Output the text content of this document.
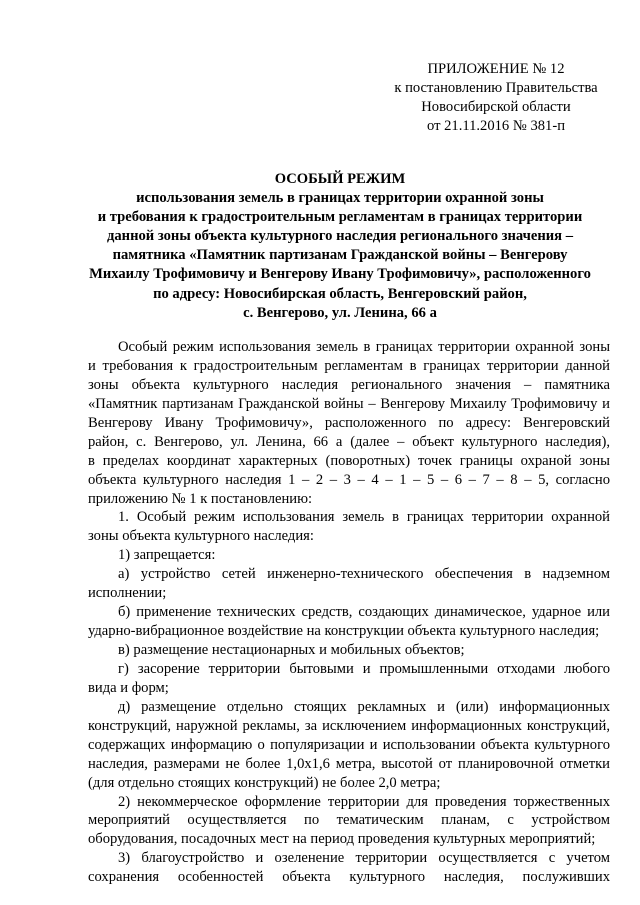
ПРИЛОЖЕНИЕ № 12
к постановлению Правительства
Новосибирской области
от 21.11.2016 № 381-п
ОСОБЫЙ РЕЖИМ
использования земель в границах территории охранной зоны
и требования к градостроительным регламентам в границах территории
данной зоны объекта культурного наследия регионального значения –
памятника «Памятник партизанам Гражданской войны – Венгерову
Михаилу Трофимовичу и Венгерову Ивану Трофимовичу», расположенного
по адресу: Новосибирская область, Венгеровский район,
с. Венгерово, ул. Ленина, 66 а
Особый режим использования земель в границах территории охранной зоны
и требования к градостроительным регламентам в границах территории данной
зоны объекта культурного наследия регионального значения – памятника
«Памятник партизанам Гражданской войны – Венгерову Михаилу Трофимовичу и
Венгерову Ивану Трофимовичу», расположенного по адресу: Венгеровский
район, с. Венгерово, ул. Ленина, 66 а (далее – объект культурного наследия),
в пределах координат характерных (поворотных) точек границы охраной зоны
объекта культурного наследия 1 – 2 – 3 – 4 – 1 – 5 – 6 – 7 – 8 – 5, согласно
приложению № 1 к постановлению:
1. Особый режим использования земель в границах территории охранной
зоны объекта культурного наследия:
1) запрещается:
а) устройство сетей инженерно-технического обеспечения в надземном
исполнении;
б) применение технических средств, создающих динамическое, ударное или
ударно-вибрационное воздействие на конструкции объекта культурного наследия;
в) размещение нестационарных и мобильных объектов;
г) засорение территории бытовыми и промышленными отходами любого
вида и форм;
д) размещение отдельно стоящих рекламных и (или) информационных
конструкций, наружной рекламы, за исключением информационных конструкций,
содержащих информацию о популяризации и использовании объекта культурного
наследия, размерами не более 1,0х1,6 метра, высотой от планировочной отметки
(для отдельно стоящих конструкций) не более 2,0 метра;
2) некоммерческое оформление территории для проведения торжественных
мероприятий осуществляется по тематическим планам, с устройством
оборудования, посадочных мест на период проведения культурных мероприятий;
3) благоустройство и озеленение территории осуществляется с учетом
сохранения особенностей объекта культурного наследия, послуживших
